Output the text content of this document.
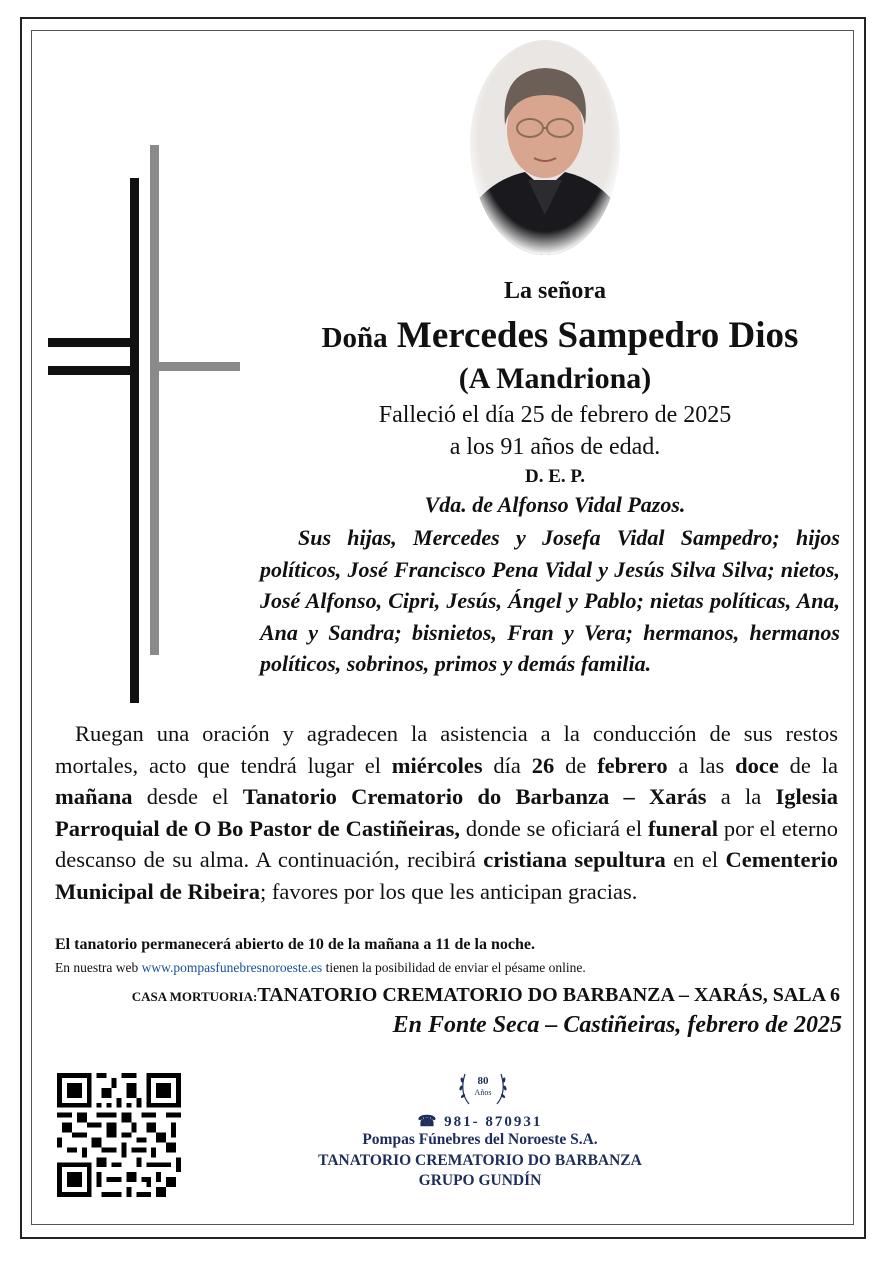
La señora
Doña Mercedes Sampedro Dios
(A Mandriona)
Falleció el día 25 de febrero de 2025
a los 91 años de edad.
D. E. P.
Vda. de Alfonso Vidal Pazos.

Sus hijas, Mercedes y Josefa Vidal Sampedro; hijos políticos, José Francisco Pena Vidal y Jesús Silva Silva; nietos, José Alfonso, Cipri, Jesús, Ángel y Pablo; nietas políticas, Ana, Ana y Sandra; bisnietos, Fran y Vera; hermanos, hermanos políticos, sobrinos, primos y demás familia.

Ruegan una oración y agradecen la asistencia a la conducción de sus restos mortales, acto que tendrá lugar el miércoles día 26 de febrero a las doce de la mañana desde el Tanatorio Crematorio do Barbanza – Xarás a la Iglesia Parroquial de O Bo Pastor de Castiñeiras, donde se oficiará el funeral por el eterno descanso de su alma. A continuación, recibirá cristiana sepultura en el Cementerio Municipal de Ribeira; favores por los que les anticipan gracias.

El tanatorio permanecerá abierto de 10 de la mañana a 11 de la noche.
En nuestra web www.pompasfunebresnoroeste.es tienen la posibilidad de enviar el pésame online.
CASA MORTUORIA:TANATORIO CREMATORIO DO BARBANZA – XARÁS, SALA 6
En Fonte Seca – Castiñeiras, febrero de 2025
80
Años
☎ 981- 870931
Pompas Fúnebres del Noroeste S.A.
TANATORIO CREMATORIO DO BARBANZA
GRUPO GUNDÍN
